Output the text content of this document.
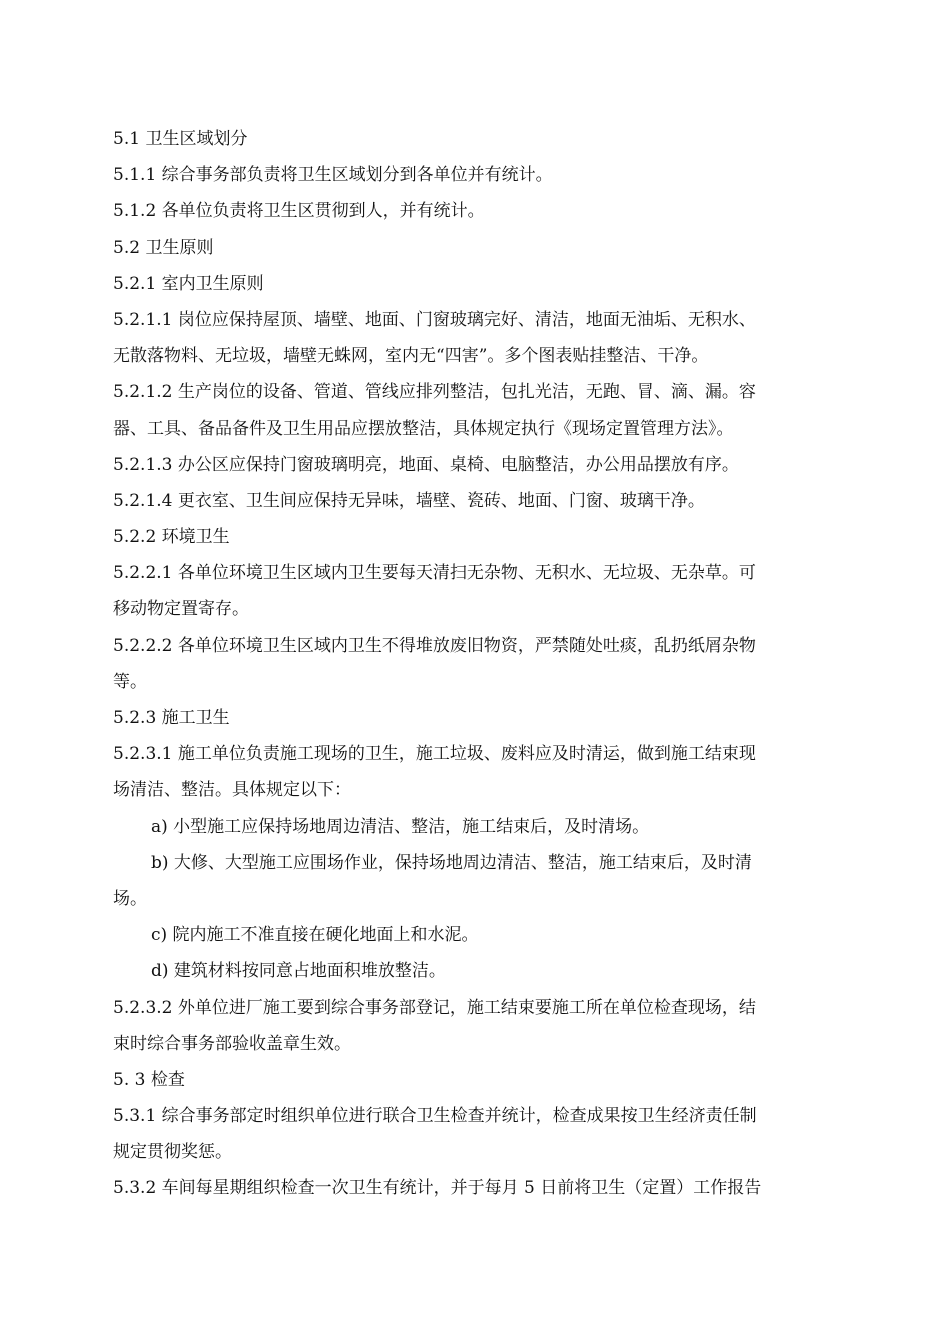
5.1 卫生区域划分
5.1.1 综合事务部负责将卫生区域划分到各单位并有统计。
5.1.2 各单位负责将卫生区贯彻到人，并有统计。
5.2 卫生原则
5.2.1 室内卫生原则
5.2.1.1 岗位应保持屋顶、墙壁、地面、门窗玻璃完好、清洁，地面无油垢、无积水、
无散落物料、无垃圾，墙壁无蛛网，室内无“四害”。多个图表贴挂整洁、干净。
5.2.1.2 生产岗位的设备、管道、管线应排列整洁，包扎光洁，无跑、冒、滴、漏。容
器、工具、备品备件及卫生用品应摆放整洁，具体规定执行《现场定置管理方法》。
5.2.1.3 办公区应保持门窗玻璃明亮，地面、桌椅、电脑整洁，办公用品摆放有序。
5.2.1.4 更衣室、卫生间应保持无异味，墙壁、瓷砖、地面、门窗、玻璃干净。
5.2.2 环境卫生
5.2.2.1 各单位环境卫生区域内卫生要每天清扫无杂物、无积水、无垃圾、无杂草。可
移动物定置寄存。
5.2.2.2 各单位环境卫生区域内卫生不得堆放废旧物资，严禁随处吐痰，乱扔纸屑杂物
等。
5.2.3 施工卫生
5.2.3.1 施工单位负责施工现场的卫生，施工垃圾、废料应及时清运，做到施工结束现
场清洁、整洁。具体规定以下：
a) 小型施工应保持场地周边清洁、整洁，施工结束后，及时清场。
b) 大修、大型施工应围场作业，保持场地周边清洁、整洁，施工结束后，及时清
场。
c) 院内施工不准直接在硬化地面上和水泥。
d) 建筑材料按同意占地面积堆放整洁。
5.2.3.2 外单位进厂施工要到综合事务部登记，施工结束要施工所在单位检查现场，结
束时综合事务部验收盖章生效。
5. 3 检查
5.3.1 综合事务部定时组织单位进行联合卫生检查并统计，检查成果按卫生经济责任制
规定贯彻奖惩。
5.3.2 车间每星期组织检查一次卫生有统计，并于每月 5 日前将卫生（定置）工作报告
